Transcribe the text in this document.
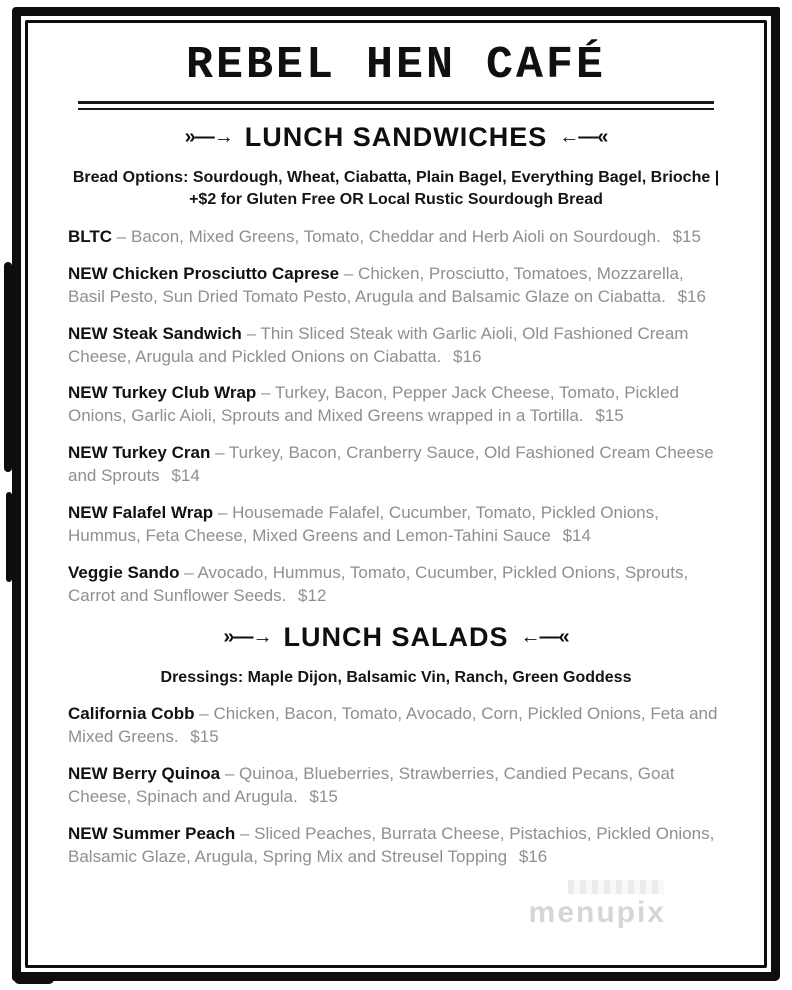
REBEL HEN CAFÉ
»—→ LUNCH SANDWICHES ←—«

Bread Options: Sourdough, Wheat, Ciabatta, Plain Bagel, Everything Bagel, Brioche | +$2 for Gluten Free OR Local Rustic Sourdough Bread

BLTC – Bacon, Mixed Greens, Tomato, Cheddar and Herb Aioli on Sourdough. $15

NEW Chicken Prosciutto Caprese – Chicken, Prosciutto, Tomatoes, Mozzarella, Basil Pesto, Sun Dried Tomato Pesto, Arugula and Balsamic Glaze on Ciabatta. $16

NEW Steak Sandwich – Thin Sliced Steak with Garlic Aioli, Old Fashioned Cream Cheese, Arugula and Pickled Onions on Ciabatta. $16

NEW Turkey Club Wrap – Turkey, Bacon, Pepper Jack Cheese, Tomato, Pickled Onions, Garlic Aioli, Sprouts and Mixed Greens wrapped in a Tortilla. $15

NEW Turkey Cran – Turkey, Bacon, Cranberry Sauce, Old Fashioned Cream Cheese and Sprouts $14

NEW Falafel Wrap – Housemade Falafel, Cucumber, Tomato, Pickled Onions, Hummus, Feta Cheese, Mixed Greens and Lemon-Tahini Sauce $14

Veggie Sando – Avocado, Hummus, Tomato, Cucumber, Pickled Onions, Sprouts, Carrot and Sunflower Seeds. $12

»—→ LUNCH SALADS ←—«

Dressings: Maple Dijon, Balsamic Vin, Ranch, Green Goddess

California Cobb – Chicken, Bacon, Tomato, Avocado, Corn, Pickled Onions, Feta and Mixed Greens. $15

NEW Berry Quinoa – Quinoa, Blueberries, Strawberries, Candied Pecans, Goat Cheese, Spinach and Arugula. $15

NEW Summer Peach – Sliced Peaches, Burrata Cheese, Pistachios, Pickled Onions, Balsamic Glaze, Arugula, Spring Mix and Streusel Topping $16

menupix
